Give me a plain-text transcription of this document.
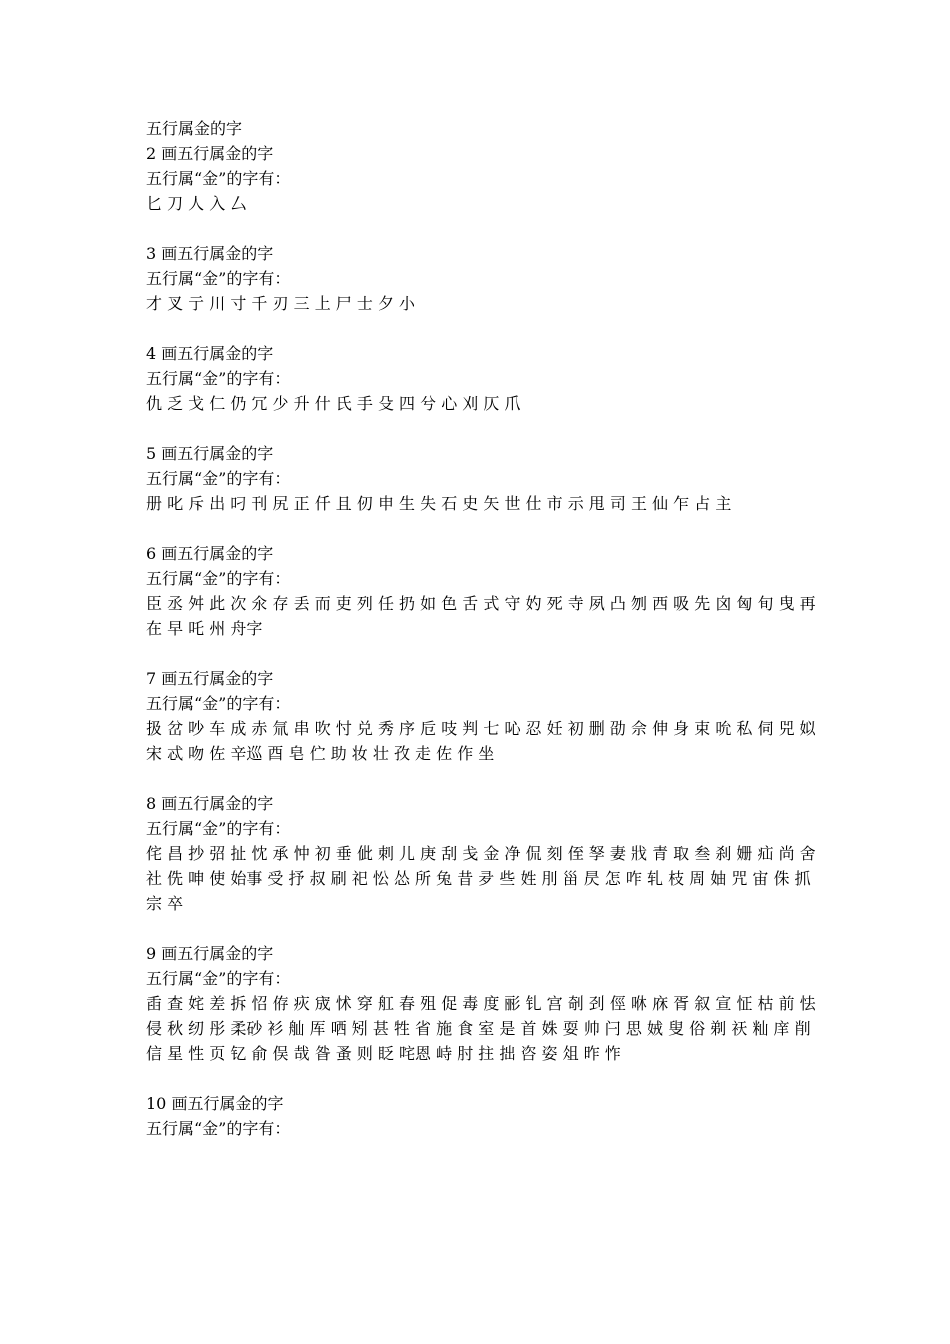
五行属金的字
2 画五行属金的字
五行属“金”的字有：
匕 刀 人 入 厶
3 画五行属金的字
五行属“金”的字有：
才 叉 亍 川 寸 千 刃 三 上 尸 士 夕 小
4 画五行属金的字
五行属“金”的字有：
仇 乏 戈 仁 仍 冗 少 升 什 氏 手 殳 四 兮 心 刈 仄 爪
5 画五行属金的字
五行属“金”的字有：
册 叱 斥 出 叼 刊 尻 正 仟 且 仞 申 生 失 石 史 矢 世 仕 市 示 甩 司 王 仙 乍 占 主
6 画五行属金的字
五行属“金”的字有：
臣 丞 舛 此 次 氽 存 丢 而 吏 列 任 扔 如 色 舌 式 守 妁 死 寺 夙 凸 刎 西 吸 先 囟 匈 旬 曳 再 在 早 吒 州 舟字
7 画五行属金的字
五行属“金”的字有：
扱 岔 吵 车 成 赤 氚 串 吹 忖 兑 秀 序 卮 吱 判 七 吣 忍 妊 初 删 劭 佘 伸 身 束 吮 私 伺 兕 姒 宋 忒 吻 佐 辛巡 酉 皂 伫 助 妆 壮 孜 走 佐 作 坐
8 画五行属金的字
五行属“金”的字有：
侘 昌 抄 弨 扯 忱 承 忡 初 垂 佌 刺 儿 庚 刮 戋 金 净 侃 刻 侄 孥 妻 戕 青 取 叁 刹 姗 疝 尚 舍 社 侁 呻 使 始事 受 抒 叔 刷 祀 忪 怂 所 兔 昔 夛 些 姓 刖 甾 昃 怎 咋 轧 枝 周 妯 咒 宙 侏 抓 宗 卒
9 画五行属金的字
五行属“金”的字有：
臿 查 姹 差 拆 怊 侟 疢 宬 怵 穿 舡 春 殂 促 毒 度 彨 钆 宫 剞 刭 俓 咻 庥 胥 叙 宣 怔 枯 前 怯 侵 秋 纫 彤 柔砂 衫 舢 厍 哂 矧 甚 牲 省 施 食 室 是 首 姝 耍 帅 闩 思 娀 叟 俗 剃 祆 籼 庠 削 信 星 性 页 钇 俞 俣 哉 昝 蚤 则 眨 咤恩 峙 肘 拄 拙 咨 姿 俎 昨 怍
10 画五行属金的字
五行属“金”的字有：
